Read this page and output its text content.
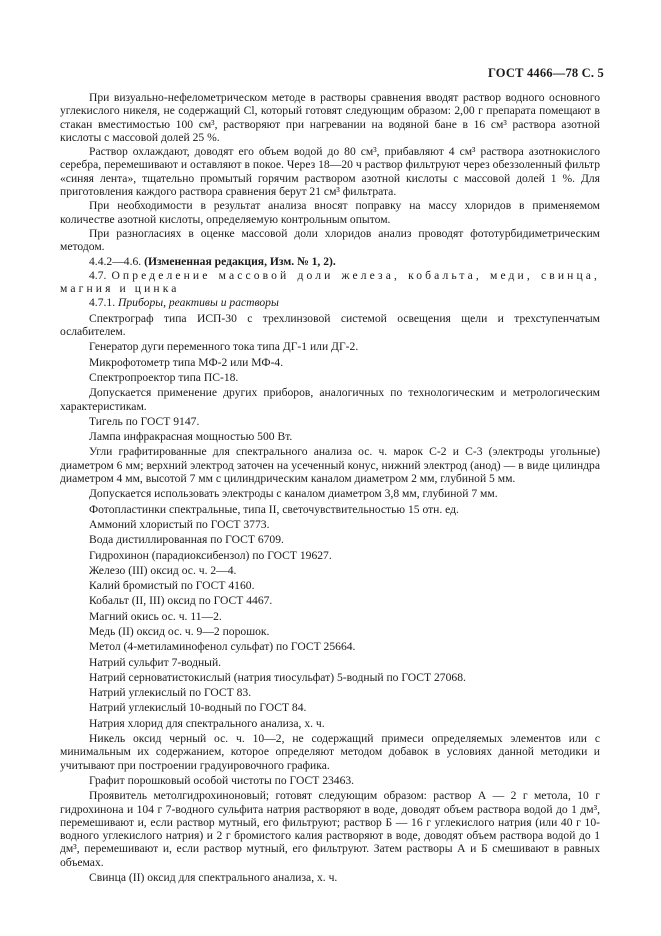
ГОСТ 4466—78 С. 5

При визуально-нефелометрическом методе в растворы сравнения вводят раствор водного основного углекислого никеля, не содержащий Cl, который готовят следующим образом: 2,00 г препарата помещают в стакан вместимостью 100 см³, растворяют при нагревании на водяной бане в 16 см³ раствора азотной кислоты с массовой долей 25 %.

Раствор охлаждают, доводят его объем водой до 80 см³, прибавляют 4 см³ раствора азотнокислого серебра, перемешивают и оставляют в покое. Через 18—20 ч раствор фильтруют через обеззоленный фильтр «синяя лента», тщательно промытый горячим раствором азотной кислоты с массовой долей 1 %. Для приготовления каждого раствора сравнения берут 21 см³ фильтрата.

При необходимости в результат анализа вносят поправку на массу хлоридов в применяемом количестве азотной кислоты, определяемую контрольным опытом.

При разногласиях в оценке массовой доли хлоридов анализ проводят фототурбидиметрическим методом.

4.4.2—4.6. (Измененная редакция, Изм. № 1, 2).

4.7. Определение массовой доли железа, кобальта, меди, свинца, магния и цинка

4.7.1. Приборы, реактивы и растворы

Спектрограф типа ИСП-30 с трехлинзовой системой освещения щели и трехступенчатым ослабителем.

Генератор дуги переменного тока типа ДГ-1 или ДГ-2.

Микрофотометр типа МФ-2 или МФ-4.

Спектропроектор типа ПС-18.

Допускается применение других приборов, аналогичных по технологическим и метрологическим характеристикам.

Тигель по ГОСТ 9147.

Лампа инфракрасная мощностью 500 Вт.

Угли графитированные для спектрального анализа ос. ч. марок С-2 и С-3 (электроды угольные) диаметром 6 мм; верхний электрод заточен на усеченный конус, нижний электрод (анод) — в виде цилиндра диаметром 4 мм, высотой 7 мм с цилиндрическим каналом диаметром 2 мм, глубиной 5 мм.

Допускается использовать электроды с каналом диаметром 3,8 мм, глубиной 7 мм.

Фотопластинки спектральные, типа II, светочувствительностью 15 отн. ед.

Аммоний хлористый по ГОСТ 3773.

Вода дистиллированная по ГОСТ 6709.

Гидрохинон (парадиоксибензол) по ГОСТ 19627.

Железо (III) оксид ос. ч. 2—4.

Калий бромистый по ГОСТ 4160.

Кобальт (II, III) оксид по ГОСТ 4467.

Магний окись ос. ч. 11—2.

Медь (II) оксид ос. ч. 9—2 порошок.

Метол (4-метиламинофенол сульфат) по ГОСТ 25664.

Натрий сульфит 7-водный.

Натрий серноватистокислый (натрия тиосульфат) 5-водный по ГОСТ 27068.

Натрий углекислый по ГОСТ 83.

Натрий углекислый 10-водный по ГОСТ 84.

Натрия хлорид для спектрального анализа, х. ч.

Никель оксид черный ос. ч. 10—2, не содержащий примеси определяемых элементов или с минимальным их содержанием, которое определяют методом добавок в условиях данной методики и учитывают при построении градуировочного графика.

Графит порошковый особой чистоты по ГОСТ 23463.

Проявитель метолгидрохиноновый; готовят следующим образом: раствор А — 2 г метола, 10 г гидрохинона и 104 г 7-водного сульфита натрия растворяют в воде, доводят объем раствора водой до 1 дм³, перемешивают и, если раствор мутный, его фильтруют; раствор Б — 16 г углекислого натрия (или 40 г 10-водного углекислого натрия) и 2 г бромистого калия растворяют в воде, доводят объем раствора водой до 1 дм³, перемешивают и, если раствор мутный, его фильтруют. Затем растворы А и Б смешивают в равных объемах.

Свинца (II) оксид для спектрального анализа, х. ч.
